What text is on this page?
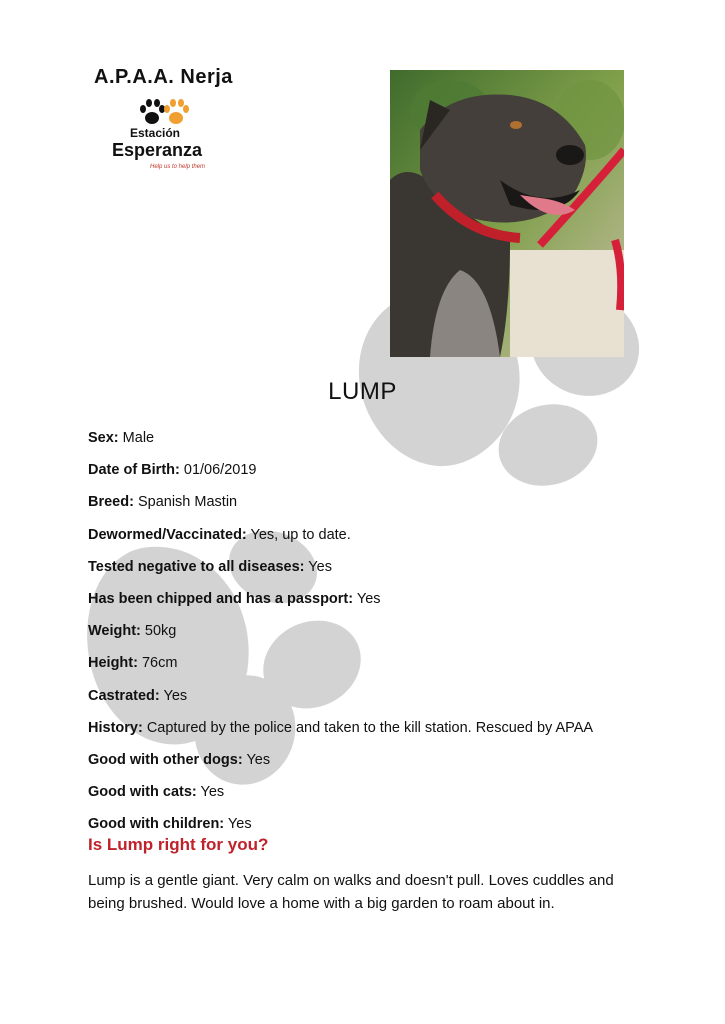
A.P.A.A. Nerja
Estación
Esperanza
Help us to help them
LUMP
Sex: Male
Date of Birth: 01/06/2019
Breed: Spanish Mastin
Dewormed/Vaccinated: Yes, up to date.
Tested negative to all diseases: Yes
Has been chipped and has a passport: Yes
Weight: 50kg
Height: 76cm
Castrated: Yes
History: Captured by the police and taken to the kill station. Rescued by APAA
Good with other dogs: Yes
Good with cats: Yes
Good with children: Yes
Is Lump right for you?
Lump is a gentle giant. Very calm on walks and doesn't pull. Loves cuddles and being brushed. Would love a home with a big garden to roam about in.
